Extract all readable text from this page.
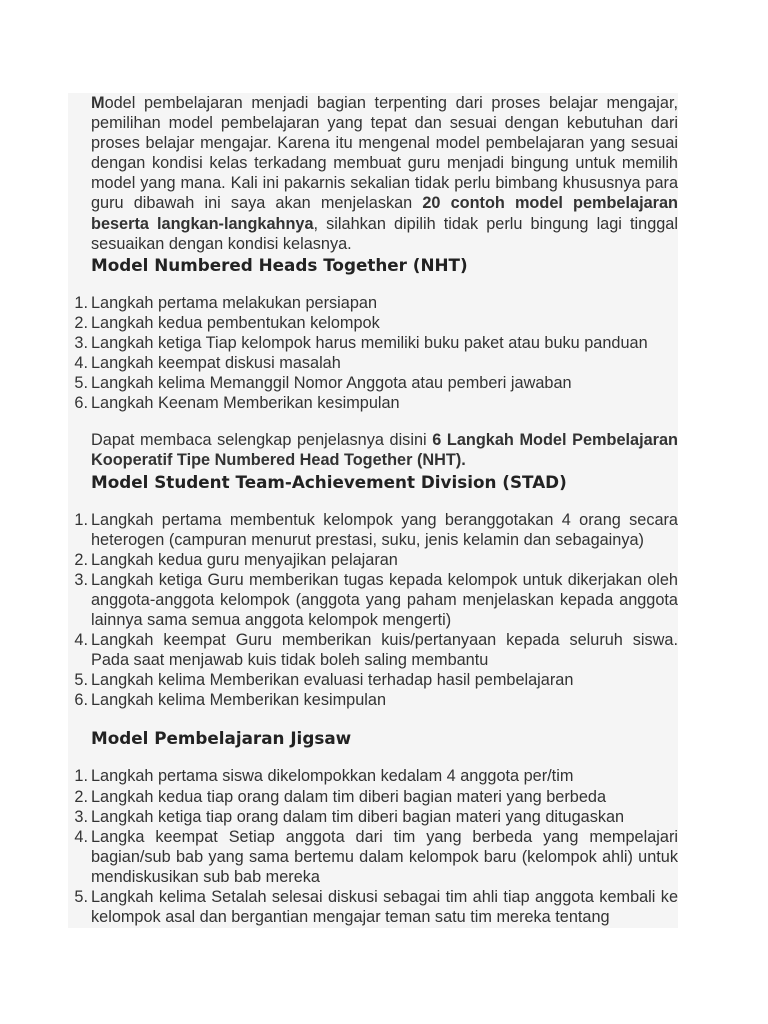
Model pembelajaran menjadi bagian terpenting dari proses belajar mengajar, pemilihan model pembelajaran yang tepat dan sesuai dengan kebutuhan dari proses belajar mengajar. Karena itu mengenal model pembelajaran yang sesuai dengan kondisi kelas terkadang membuat guru menjadi bingung untuk memilih model yang mana. Kali ini pakarnis sekalian tidak perlu bimbang khususnya para guru dibawah ini saya akan menjelaskan 20 contoh model pembelajaran beserta langkan-langkahnya, silahkan dipilih tidak perlu bingung lagi tinggal sesuaikan dengan kondisi kelasnya.

Model Numbered Heads Together (NHT)
1. Langkah pertama melakukan persiapan
2. Langkah kedua pembentukan kelompok
3. Langkah ketiga Tiap kelompok harus memiliki buku paket atau buku panduan
4. Langkah keempat diskusi masalah
5. Langkah kelima Memanggil Nomor Anggota atau pemberi jawaban
6. Langkah Keenam Memberikan kesimpulan

Dapat membaca selengkap penjelasnya disini 6 Langkah Model Pembelajaran Kooperatif Tipe Numbered Head Together (NHT).

Model Student Team-Achievement Division (STAD)
1. Langkah pertama membentuk kelompok yang beranggotakan 4 orang secara heterogen (campuran menurut prestasi, suku, jenis kelamin dan sebagainya)
2. Langkah kedua guru menyajikan pelajaran
3. Langkah ketiga Guru memberikan tugas kepada kelompok untuk dikerjakan oleh anggota-anggota kelompok (anggota yang paham menjelaskan kepada anggota lainnya sama semua anggota kelompok mengerti)
4. Langkah keempat Guru memberikan kuis/pertanyaan kepada seluruh siswa. Pada saat menjawab kuis tidak boleh saling membantu
5. Langkah kelima Memberikan evaluasi terhadap hasil pembelajaran
6. Langkah kelima Memberikan kesimpulan
Model Pembelajaran Jigsaw
1. Langkah pertama siswa dikelompokkan kedalam 4 anggota per/tim
2. Langkah kedua tiap orang dalam tim diberi bagian materi yang berbeda
3. Langkah ketiga tiap orang dalam tim diberi bagian materi yang ditugaskan
4. Langka keempat Setiap anggota dari tim yang berbeda yang mempelajari bagian/sub bab yang sama bertemu dalam kelompok baru (kelompok ahli) untuk mendiskusikan sub bab mereka
5. Langkah kelima Setalah selesai diskusi sebagai tim ahli tiap anggota kembali ke kelompok asal dan bergantian mengajar teman satu tim mereka tentang
